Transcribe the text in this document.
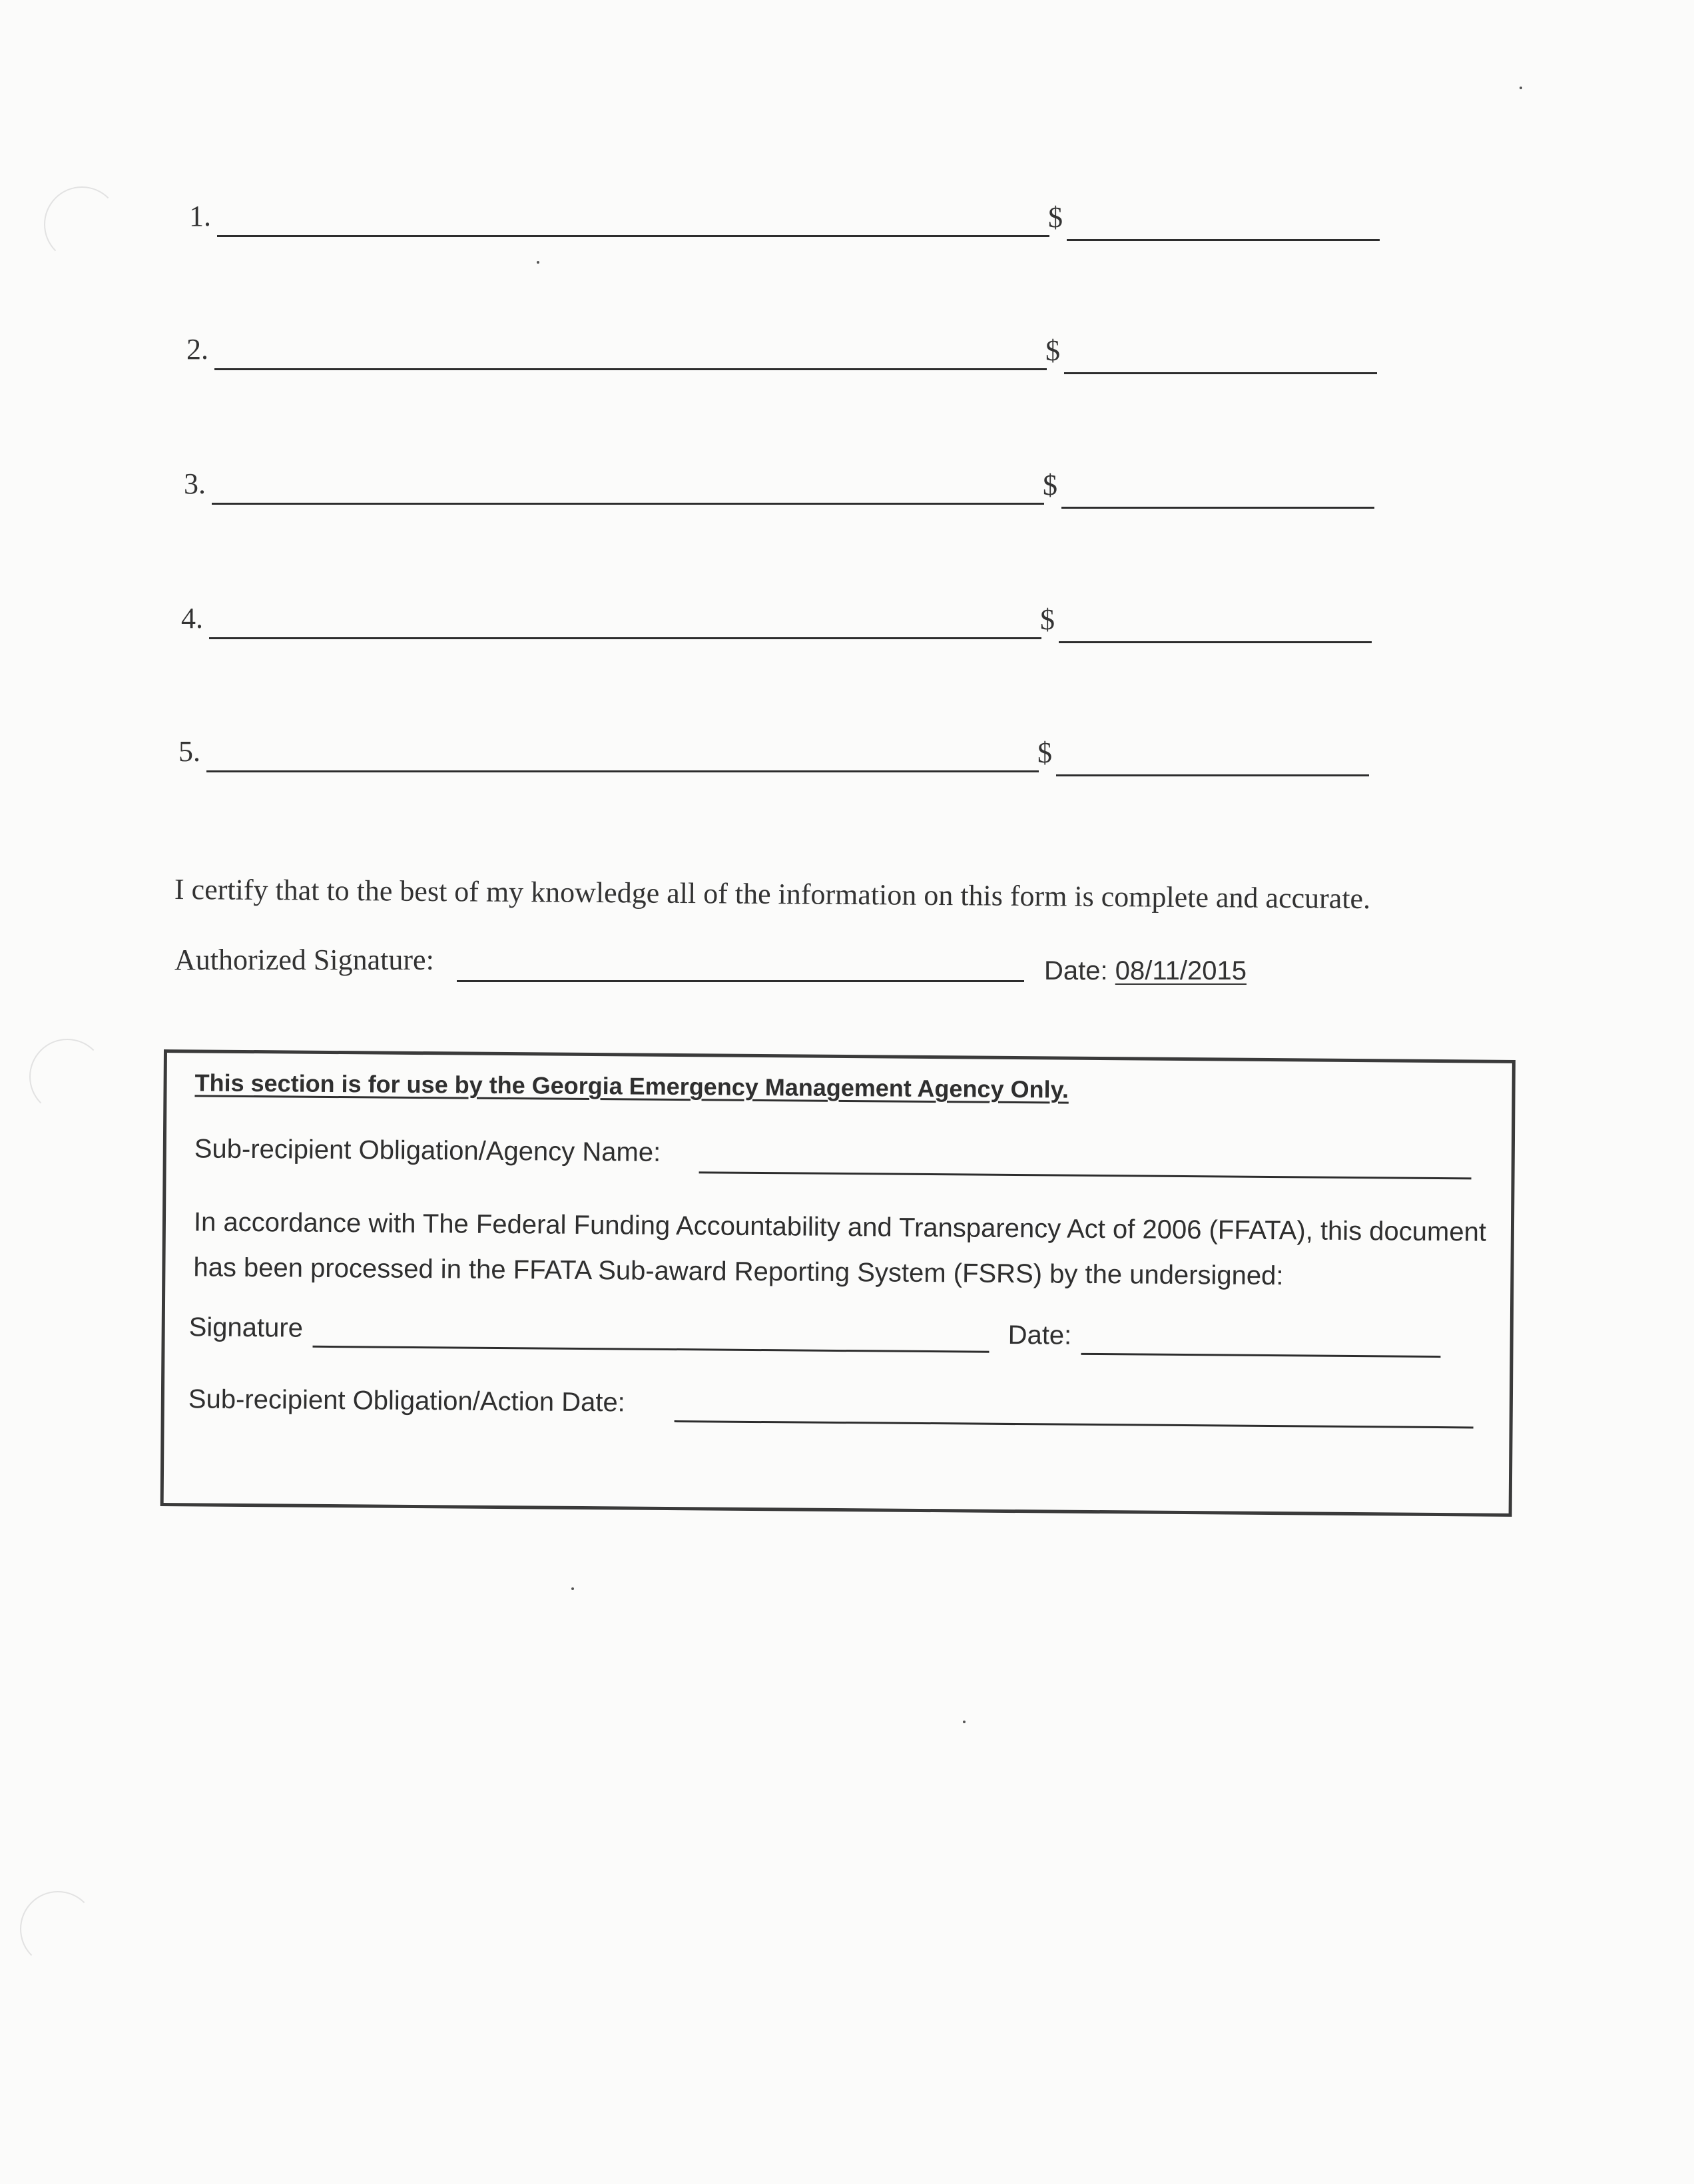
1.	$
2.	$
3.	$
4.	$
5.	$
I certify that to the best of my knowledge all of the information on this form is complete and accurate.
Authorized Signature:	Date: 08/11/2015
This section is for use by the Georgia Emergency Management Agency Only.
Sub-recipient Obligation/Agency Name:
In accordance with The Federal Funding Accountability and Transparency Act of 2006 (FFATA), this document has been processed in the FFATA Sub-award Reporting System (FSRS) by the undersigned:
Signature	Date:
Sub-recipient Obligation/Action Date:
